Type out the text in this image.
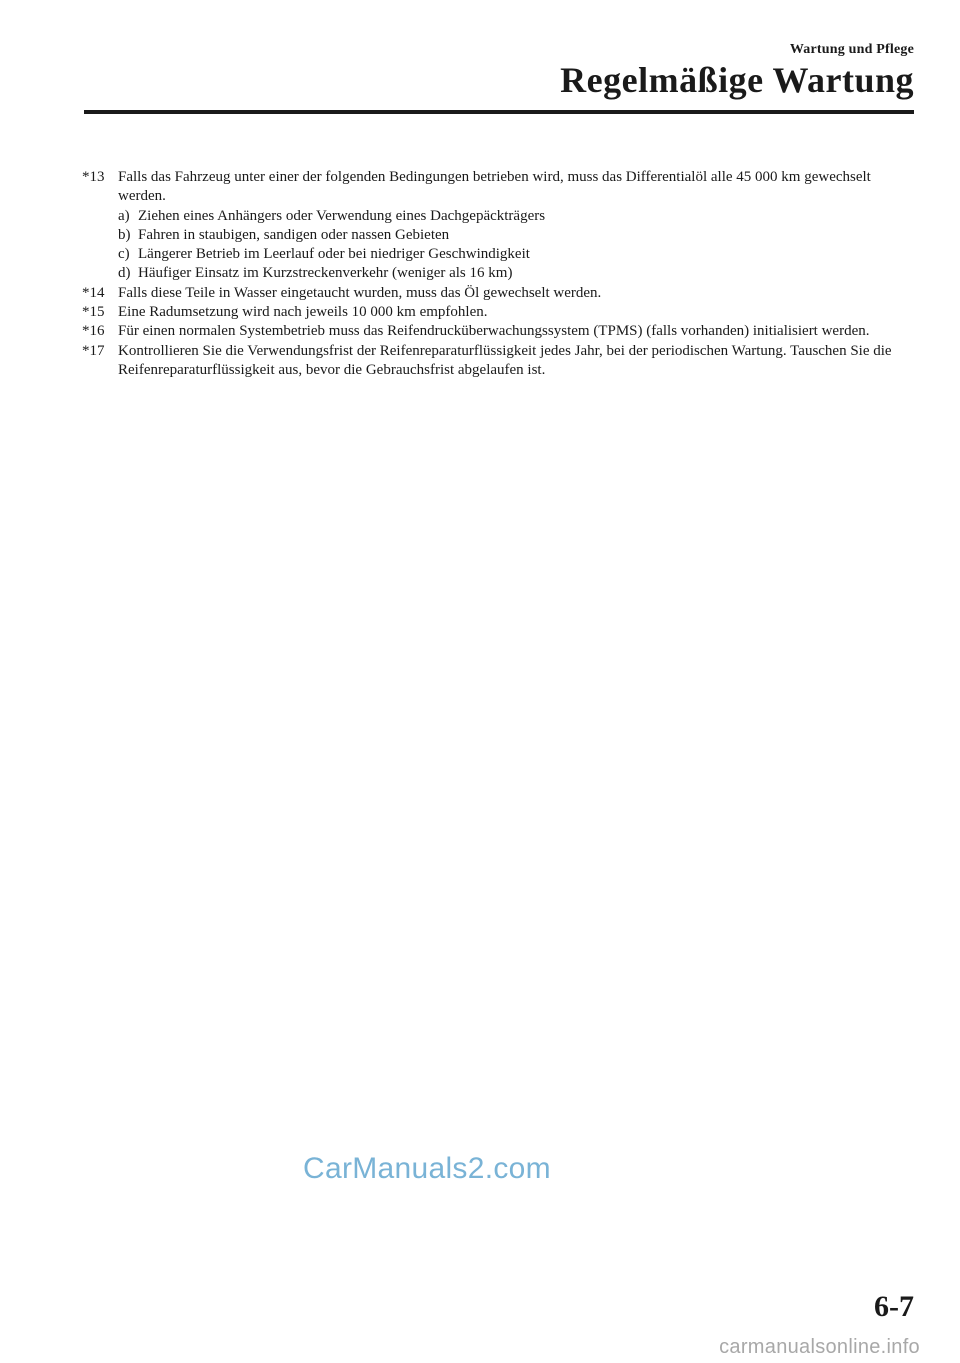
Wartung und Pflege
Regelmäßige Wartung
*13 Falls das Fahrzeug unter einer der folgenden Bedingungen betrieben wird, muss das Differentialöl alle 45 000 km gewechselt werden.
a) Ziehen eines Anhängers oder Verwendung eines Dachgepäckträgers
b) Fahren in staubigen, sandigen oder nassen Gebieten
c) Längerer Betrieb im Leerlauf oder bei niedriger Geschwindigkeit
d) Häufiger Einsatz im Kurzstreckenverkehr (weniger als 16 km)
*14 Falls diese Teile in Wasser eingetaucht wurden, muss das Öl gewechselt werden.
*15 Eine Radumsetzung wird nach jeweils 10 000 km empfohlen.
*16 Für einen normalen Systembetrieb muss das Reifendrucküberwachungssystem (TPMS) (falls vorhanden) initialisiert werden.
*17 Kontrollieren Sie die Verwendungsfrist der Reifenreparaturflüssigkeit jedes Jahr, bei der periodischen Wartung. Tauschen Sie die Reifenreparaturflüssigkeit aus, bevor die Gebrauchsfrist abgelaufen ist.
CarManuals2.com
6-7
carmanualsonline.info
